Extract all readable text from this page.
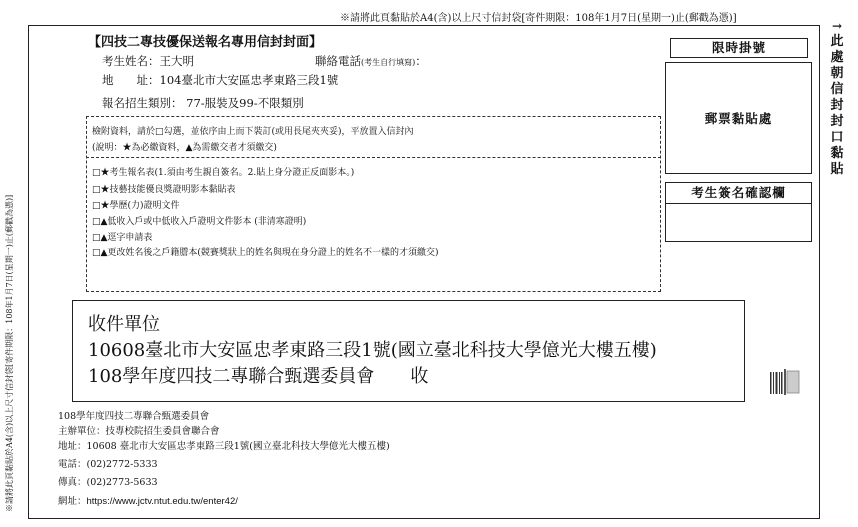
※請將此頁黏貼於A4(含)以上尺寸信封袋[寄件期限：108年1月7日(星期一)止(郵戳為憑)]
→
此
處
朝
信
封
封
口
黏
貼
※請將此頁黏貼於A4(含)以上尺寸信封袋[寄件期限：108年1月7日(星期一)止(郵戳為憑)]
【四技二專技優保送報名專用信封封面】
考生姓名：王大明	聯絡電話(考生自行填寫)：
地　　址：104臺北市大安區忠孝東路三段1號
報名招生類別： 77-服裝及99-不限類別
限時掛號
郵票黏貼處
考生簽名確認欄
檢附資料，請於□勾選，並依序由上而下裝訂(或用長尾夾夾妥)，平放置入信封內
(說明：★為必繳資料，▲為需繳交者才須繳交)
□★考生報名表(1.須由考生親自簽名。2.貼上身分證正反面影本。)
□★技藝技能優良獎證明影本黏貼表
□★學歷(力)證明文件
□▲低收入戶或中低收入戶證明文件影本 (非清寒證明)
□▲逕字申請表
□▲更改姓名後之戶籍謄本(競賽獎狀上的姓名與現在身分證上的姓名不一樣的才須繳交)
收件單位
10608臺北市大安區忠孝東路三段1號(國立臺北科技大學億光大樓五樓)
108學年度四技二專聯合甄選委員會　　收
108學年度四技二專聯合甄選委員會
主辦單位：技專校院招生委員會聯合會
地址：10608 臺北市大安區忠孝東路三段1號(國立臺北科技大學億光大樓五樓)
電話：(02)2772-5333
傳真：(02)2773-5633
網址：https://www.jctv.ntut.edu.tw/enter42/
